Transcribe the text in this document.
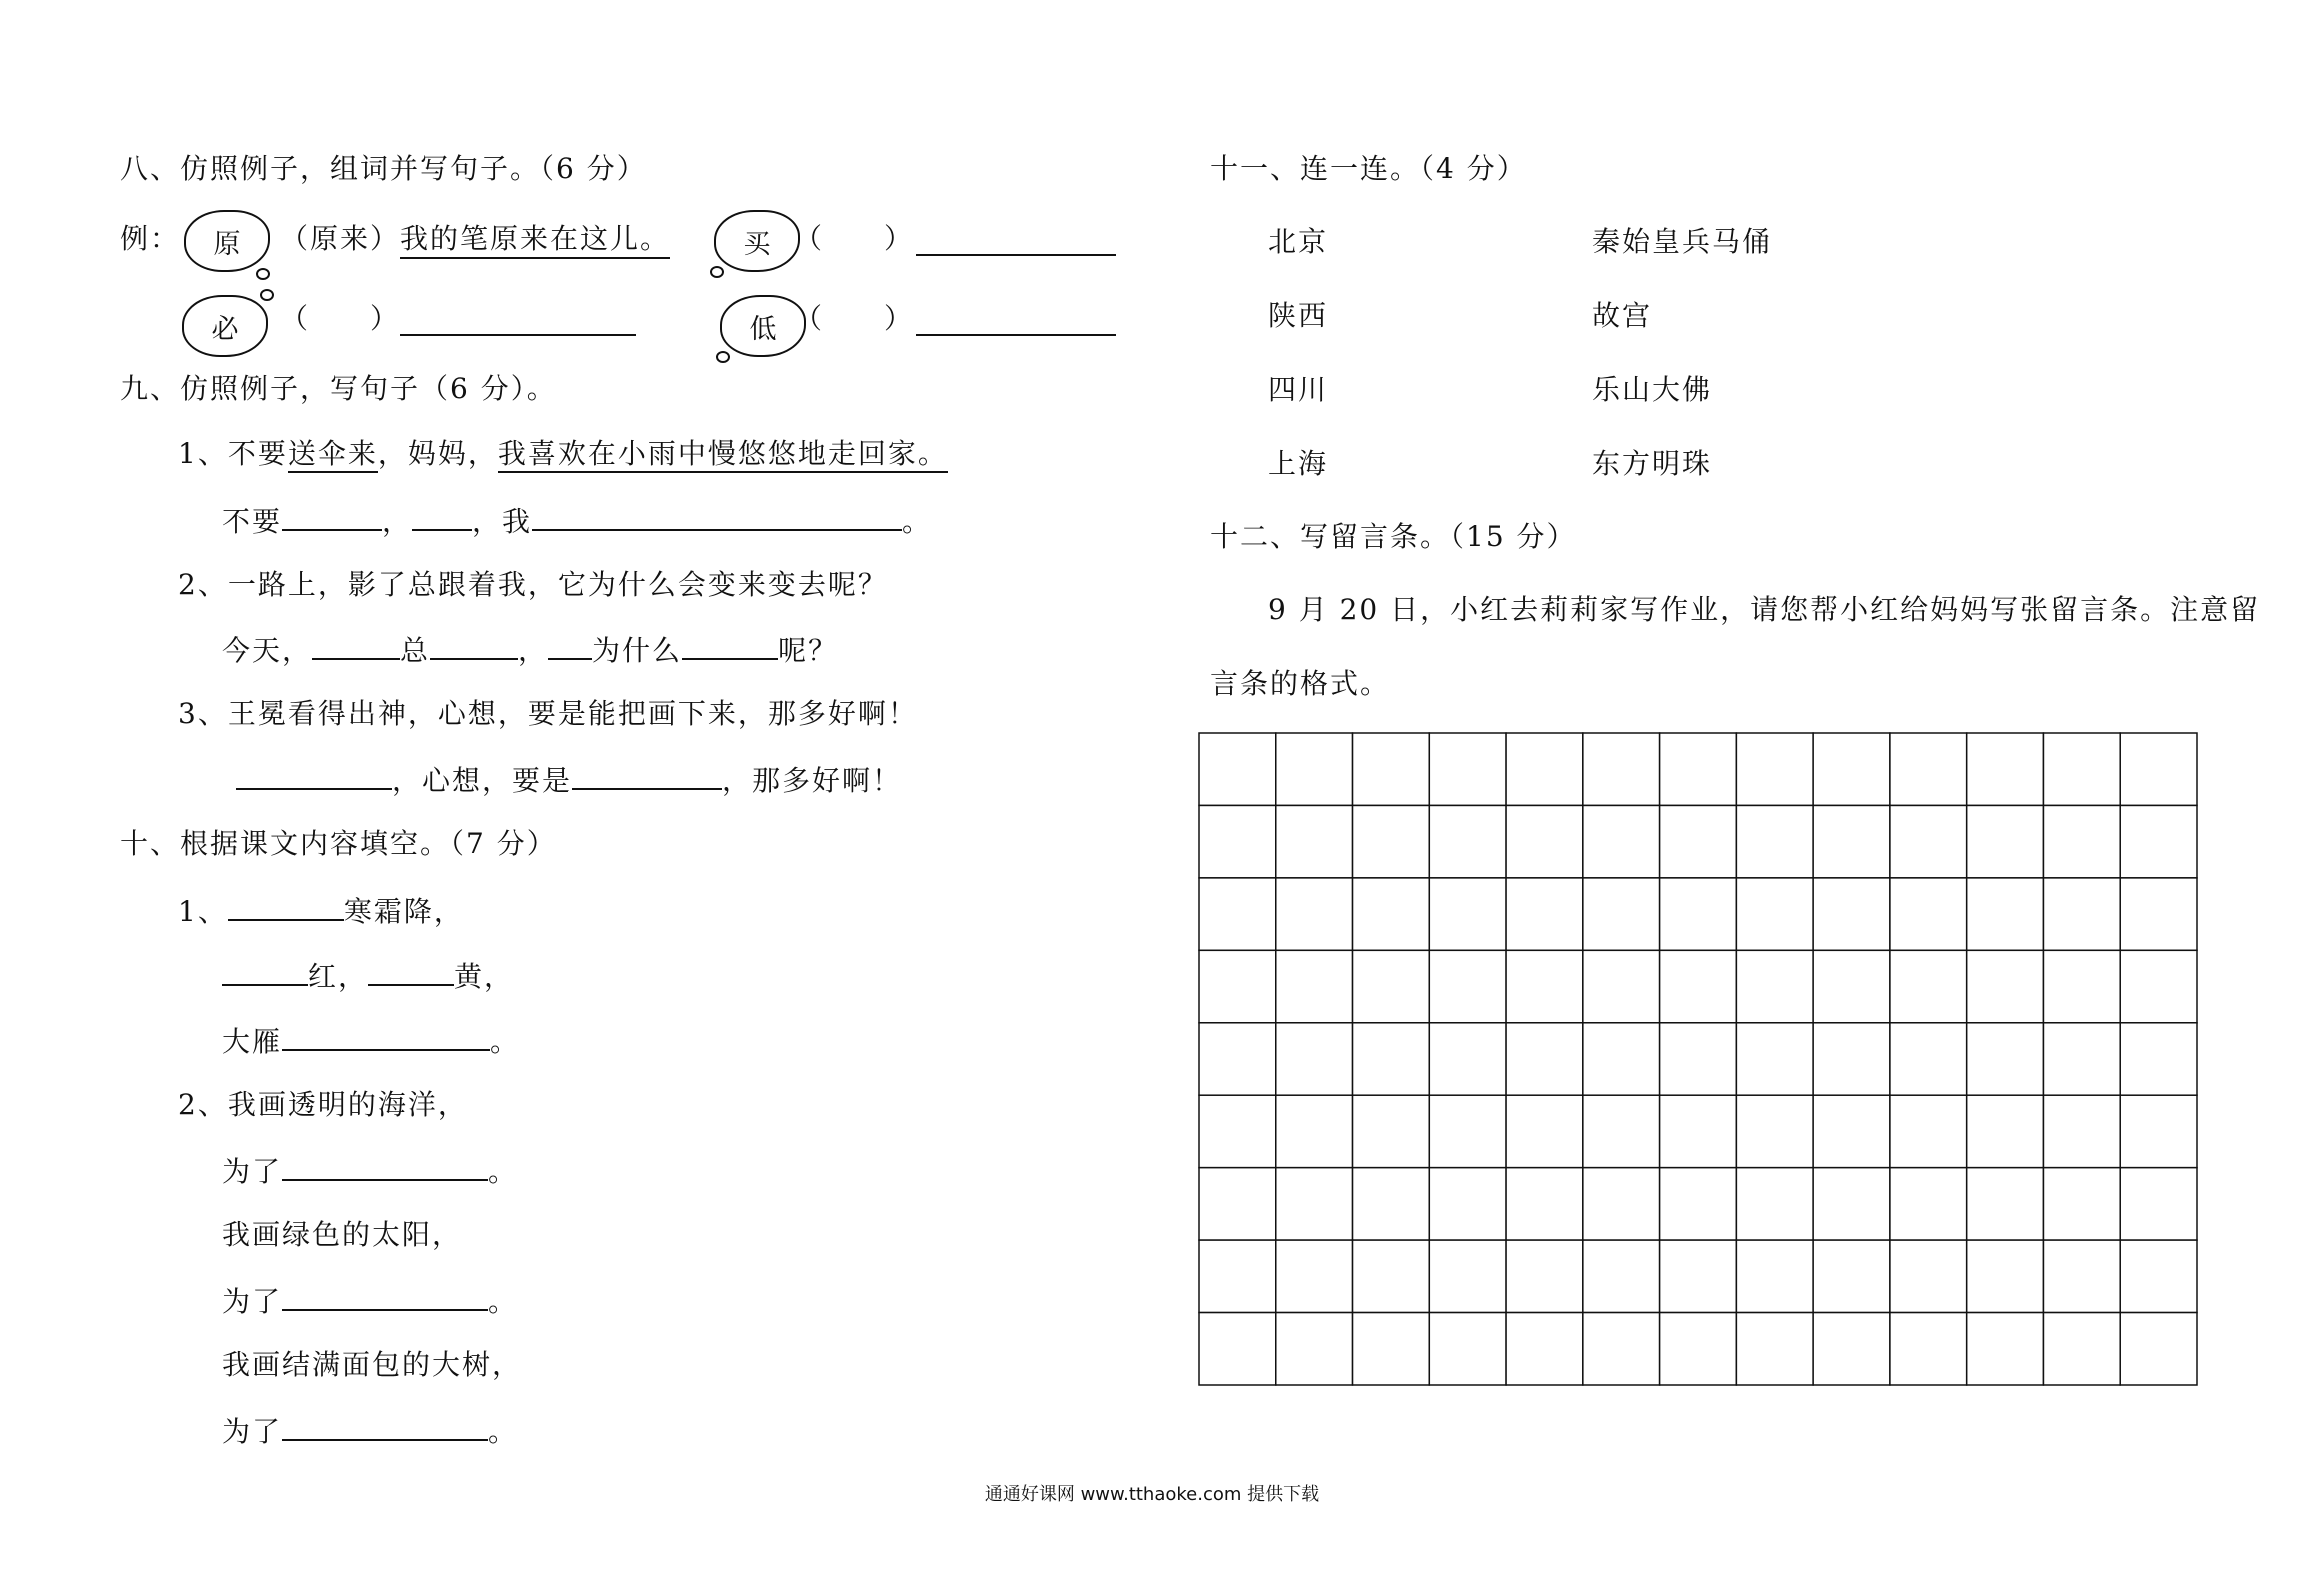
八、仿照例子，组词并写句子。（6 分）
例： 原 （原来） 我的笔原来在这儿。	买 （　　）
必 （　　）	低 （　　）
九、仿照例子，写句子（6 分）。
1、不要送伞来，妈妈，我喜欢在小雨中慢悠悠地走回家。
不要	， ，我	。
2、一路上，影了总跟着我，它为什么会变来变去呢？
今天，	总	， 为什么	呢？
3、王冕看得出神，心想，要是能把画下来，那多好啊！
，心想，要是	，那多好啊！
十、根据课文内容填空。（7 分）
1、	寒霜降，
红，	黄，
大雁	。
2、我画透明的海洋，
为了	。
我画绿色的太阳，
为了	。
我画结满面包的大树，
为了	。
十一、连一连。（4 分）
北京	秦始皇兵马俑
陕西	故宫
四川	乐山大佛
上海	东方明珠
十二、写留言条。（15 分）
9 月 20 日，小红去莉莉家写作业，请您帮小红给妈妈写张留言条。注意留
言条的格式。
通通好课网 www.tthaoke.com 提供下载
